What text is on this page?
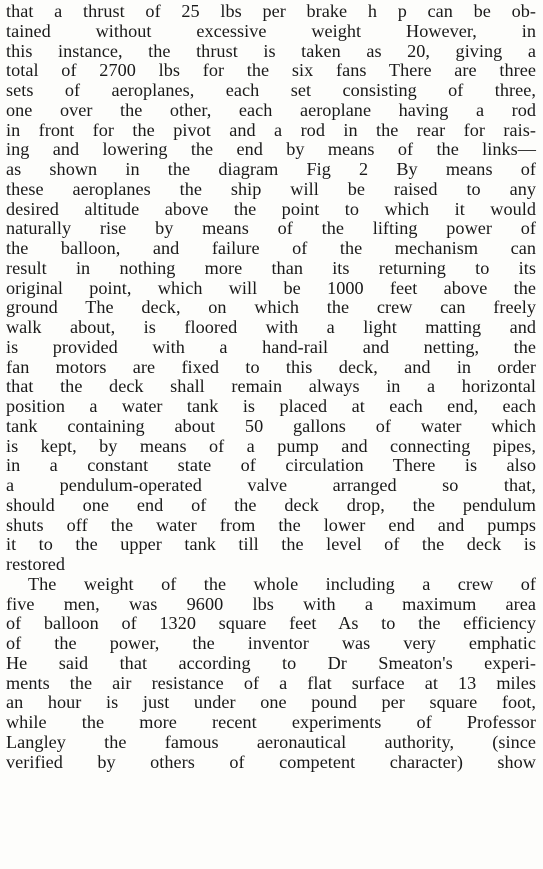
that a thrust of 25 lbs per brake h p can be ob-
tained without excessive weight However, in
this instance, the thrust is taken as 20, giving a
total of 2700 lbs for the six fans There are three
sets of aeroplanes, each set consisting of three,
one over the other, each aeroplane having a rod
in front for the pivot and a rod in the rear for rais-
ing and lowering the end by means of the links—
as shown in the diagram Fig 2 By means of
these aeroplanes the ship will be raised to any
desired altitude above the point to which it would
naturally rise by means of the lifting power of
the balloon, and failure of the mechanism can
result in nothing more than its returning to its
original point, which will be 1000 feet above the
ground The deck, on which the crew can freely
walk about, is floored with a light matting and
is provided with a hand-rail and netting, the
fan motors are fixed to this deck, and in order
that the deck shall remain always in a horizontal
position a water tank is placed at each end, each
tank containing about 50 gallons of water which
is kept, by means of a pump and connecting pipes,
in a constant state of circulation There is also
a pendulum-operated valve arranged so that,
should one end of the deck drop, the pendulum
shuts off the water from the lower end and pumps
it to the upper tank till the level of the deck is
restored
The weight of the whole including a crew of
five men, was 9600 lbs with a maximum area
of balloon of 1320 square feet As to the efficiency
of the power, the inventor was very emphatic
He said that according to Dr Smeaton's experi-
ments the air resistance of a flat surface at 13 miles
an hour is just under one pound per square foot,
while the more recent experiments of Professor
Langley the famous aeronautical authority, (since
verified by others of competent character) show
